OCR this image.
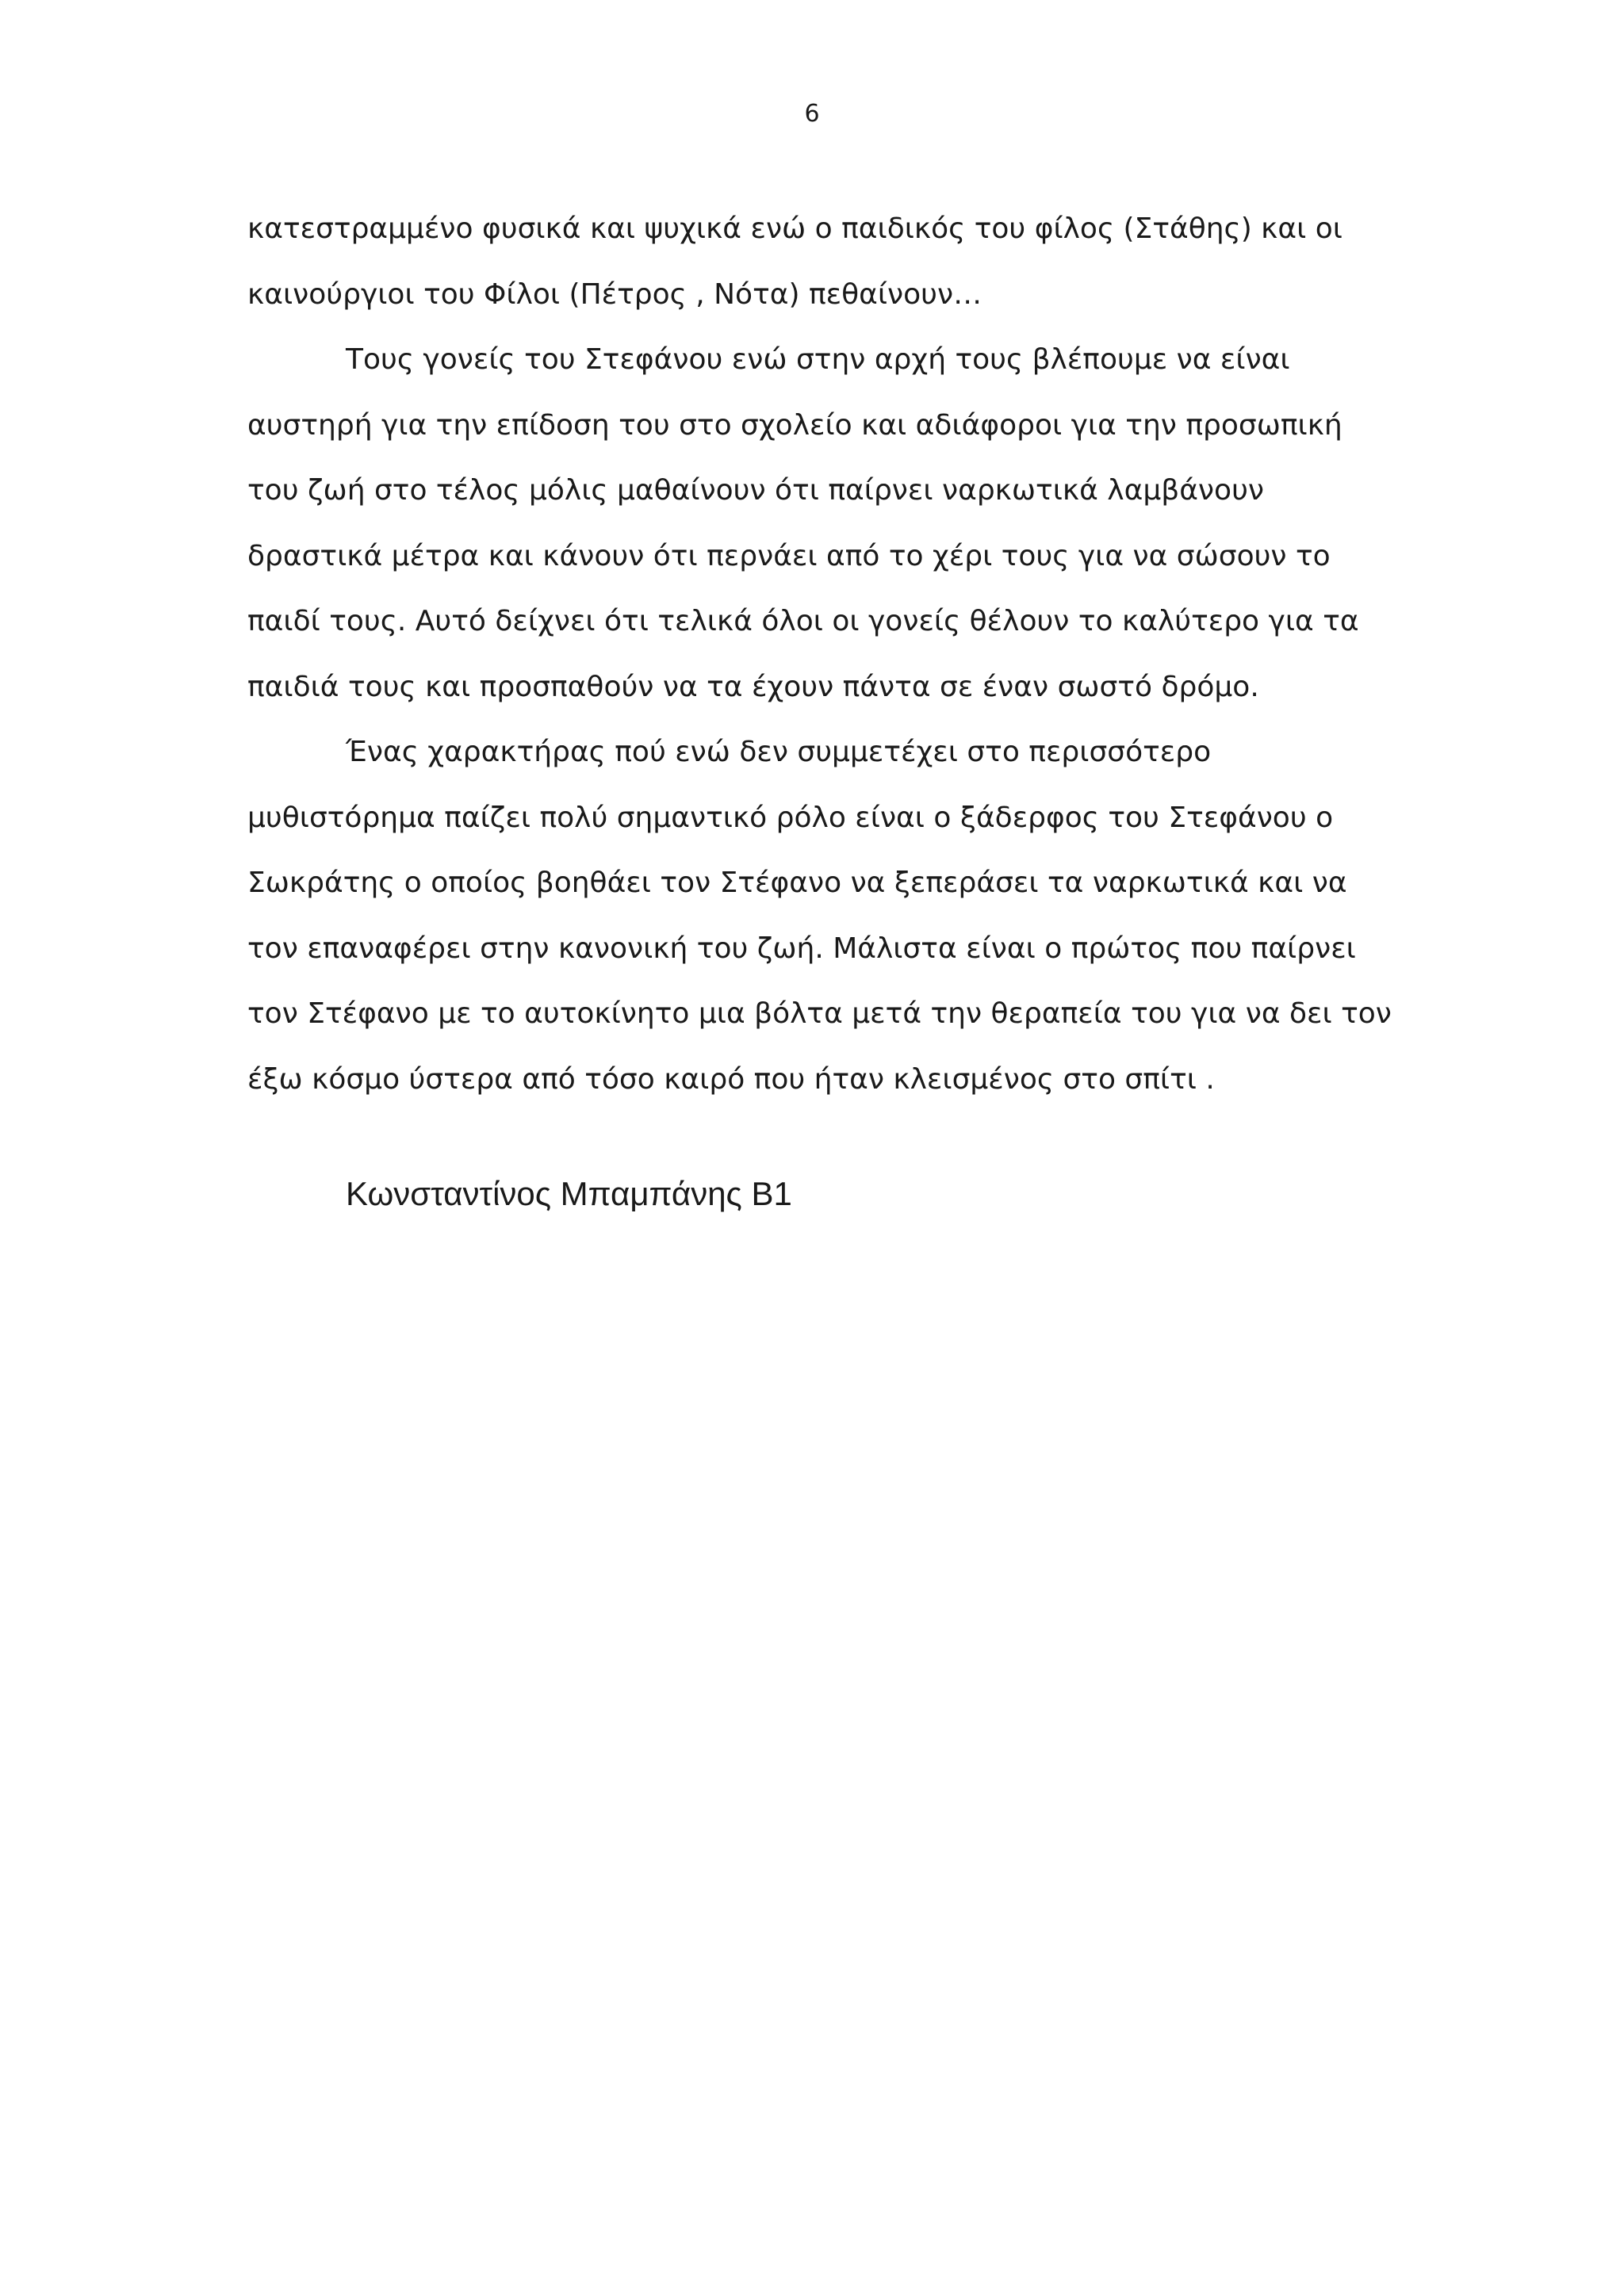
6
κατεστραμμένο φυσικά και ψυχικά ενώ ο παιδικός του φίλος (Στάθης) και οι
καινούργιοι του Φίλοι (Πέτρος , Νότα) πεθαίνουν…
Τους γονείς του Στεφάνου ενώ στην αρχή τους βλέπουμε να είναι
αυστηρή για την επίδοση του στο σχολείο και αδιάφοροι για την προσωπική
του ζωή στο τέλος μόλις μαθαίνουν ότι παίρνει ναρκωτικά λαμβάνουν
δραστικά μέτρα και κάνουν ότι περνάει από το χέρι τους για να σώσουν το
παιδί τους. Αυτό δείχνει ότι τελικά όλοι οι γονείς θέλουν το καλύτερο για τα
παιδιά τους και προσπαθούν να τα έχουν πάντα σε έναν σωστό δρόμο.
Ένας χαρακτήρας πού ενώ δεν συμμετέχει στο περισσότερο
μυθιστόρημα παίζει πολύ σημαντικό ρόλο είναι ο ξάδερφος του Στεφάνου ο
Σωκράτης ο οποίος βοηθάει τον Στέφανο να ξεπεράσει τα ναρκωτικά και να
τον επαναφέρει στην κανονική του ζωή. Μάλιστα είναι ο πρώτος που παίρνει
τον Στέφανο με το αυτοκίνητο μια βόλτα μετά την θεραπεία του για να δει τον
έξω κόσμο ύστερα από τόσο καιρό που ήταν κλεισμένος στο σπίτι .
Κωνσταντίνος Μπαμπάνης Β1
